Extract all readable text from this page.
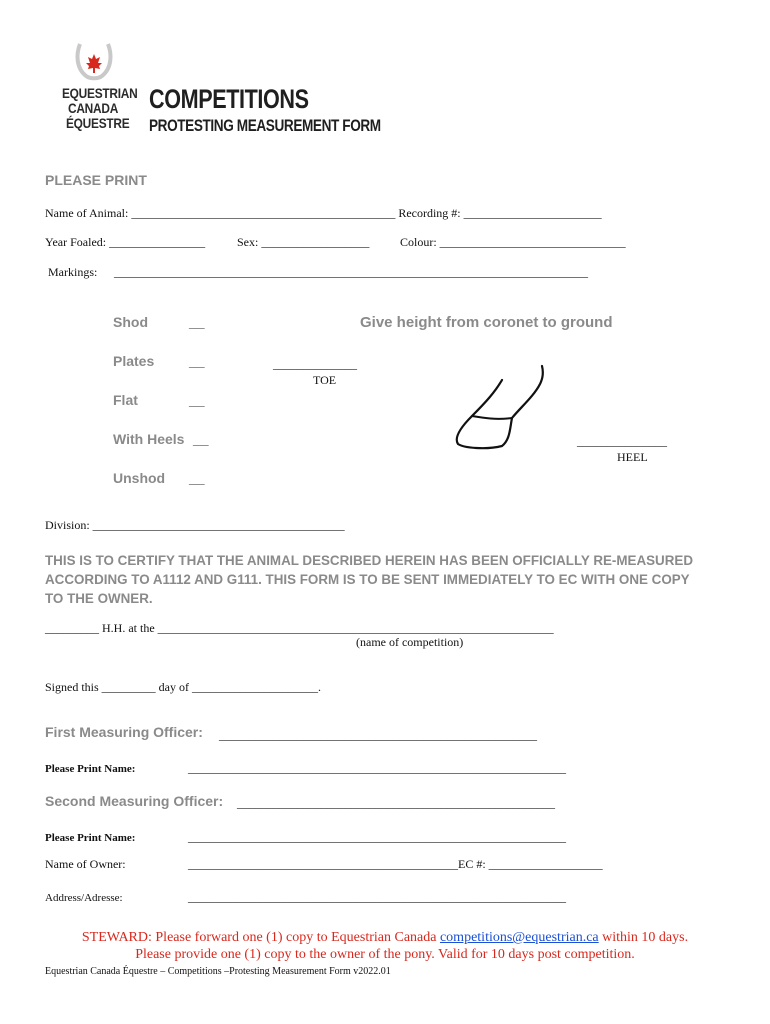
EQUESTRIAN
CANADA
ÉQUESTRE
COMPETITIONS
PROTESTING MEASUREMENT FORM
PLEASE PRINT
Name of Animal: ____________________________________________ Recording #: _______________________
Year Foaled: ________________	Sex: __________________	Colour: _______________________________
Markings: _______________________________________________________________________________
Shod	__
Plates __
Flat	__
With Heels __
Unshod __
Give height from coronet to ground
______________
TOE
_______________
HEEL
Division: __________________________________________
THIS IS TO CERTIFY THAT THE ANIMAL DESCRIBED HEREIN HAS BEEN OFFICIALLY RE-MEASURED ACCORDING TO A1112 AND G111. THIS FORM IS TO BE SENT IMMEDIATELY TO EC WITH ONE COPY TO THE OWNER.
_________ H.H. at the __________________________________________________________________
(name of competition)
Signed this _________ day of _____________________.
First Measuring Officer: _____________________________________________________
Please Print Name:	_______________________________________________________________
Second Measuring Officer: _____________________________________________________
Please Print Name:	_______________________________________________________________
Name of Owner:	_____________________________________________EC #: ___________________
Address/Adresse:	_______________________________________________________________
STEWARD: Please forward one (1) copy to Equestrian Canada competitions@equestrian.ca within 10 days.
Please provide one (1) copy to the owner of the pony. Valid for 10 days post competition.
Equestrian Canada Équestre – Competitions –Protesting Measurement Form v2022.01
